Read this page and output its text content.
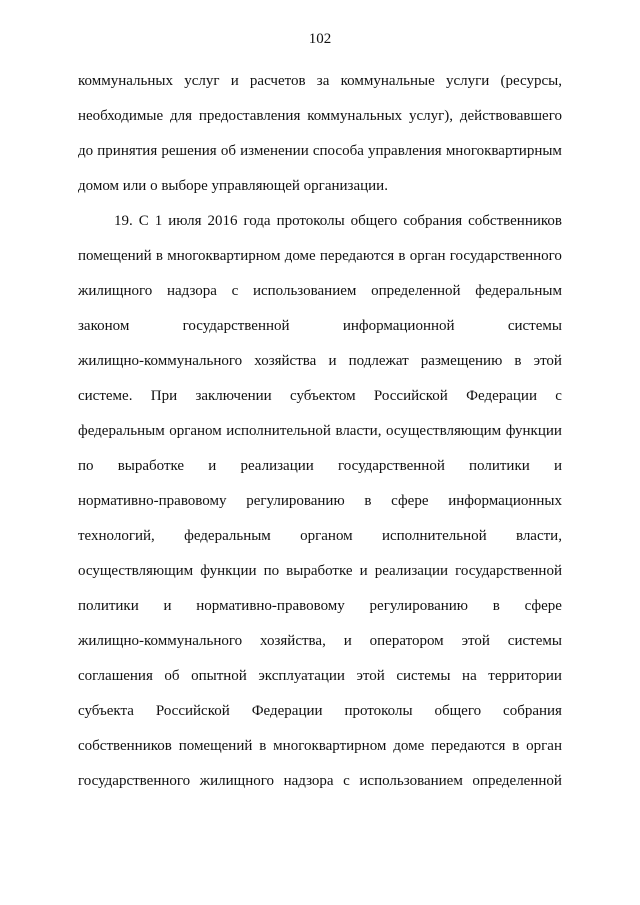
102
коммунальных услуг и расчетов за коммунальные услуги (ресурсы,
необходимые для предоставления коммунальных услуг), действовавшего
до принятия решения об изменении способа управления многоквартирным
домом или о выборе управляющей организации.
19. С 1 июля 2016 года протоколы общего собрания собственников
помещений в многоквартирном доме передаются в орган государственного
жилищного надзора с использованием определенной федеральным
законом	государственной	информационной	системы
жилищно-коммунального хозяйства и подлежат размещению в этой
системе. При заключении субъектом Российской Федерации с
федеральным органом исполнительной власти, осуществляющим функции
по выработке и реализации государственной политики и
нормативно-правовому регулированию в сфере информационных
технологий, федеральным органом исполнительной власти,
осуществляющим функции по выработке и реализации государственной
политики и нормативно-правовому регулированию в сфере
жилищно-коммунального хозяйства, и оператором этой системы
соглашения об опытной эксплуатации этой системы на территории
субъекта Российской Федерации протоколы общего собрания
собственников помещений в многоквартирном доме передаются в орган
государственного жилищного надзора с использованием определенной
